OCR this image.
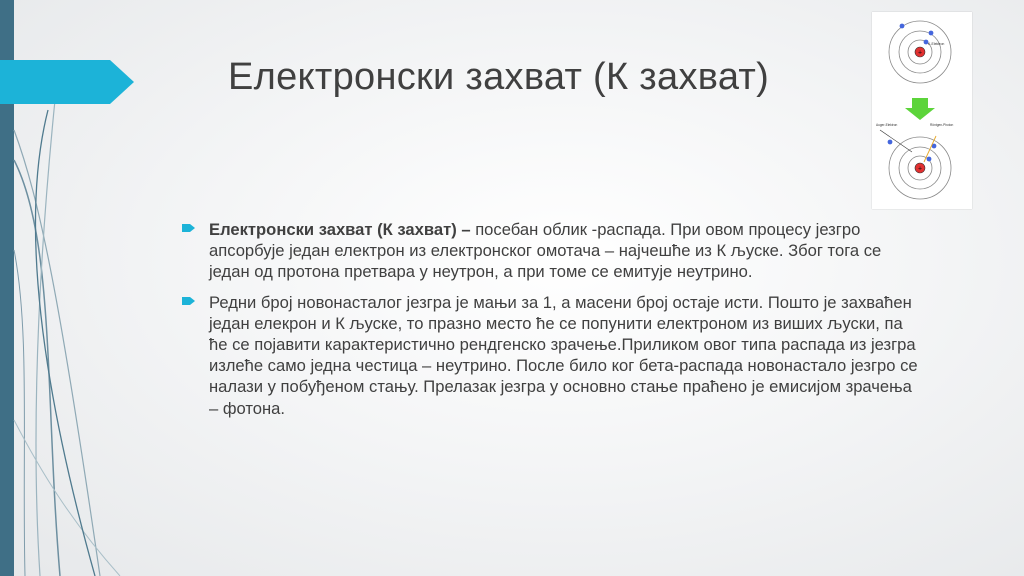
Електронски захват (К захват)
Електронски захват (К захват) – посебан облик -распада. При овом процесу језгро апсорбује један електрон из електронског омотача – најчешће из К љуске. Због тога се један од протона претвара у неутрон, а при томе се емитује неутрино.
Редни број новонасталог језгра је мањи за 1, а масени број остаје исти. Пошто је захваћен један елекрон и К љуске, то празно место ће се попунити електроном из виших љуски, па ће се појавити карактеристично рендгенско зрачење.Приликом овог типа распада из језгра излеће само једна честица – неутрино. После било ког бета-распада новонастало језгро се налази у побуђеном стању. Прелазак језгра у основно стање праћено је емисијом зрачења – фотона.
+
K-Elektron
+
Auger-Elektron	Röntgen-Photon
